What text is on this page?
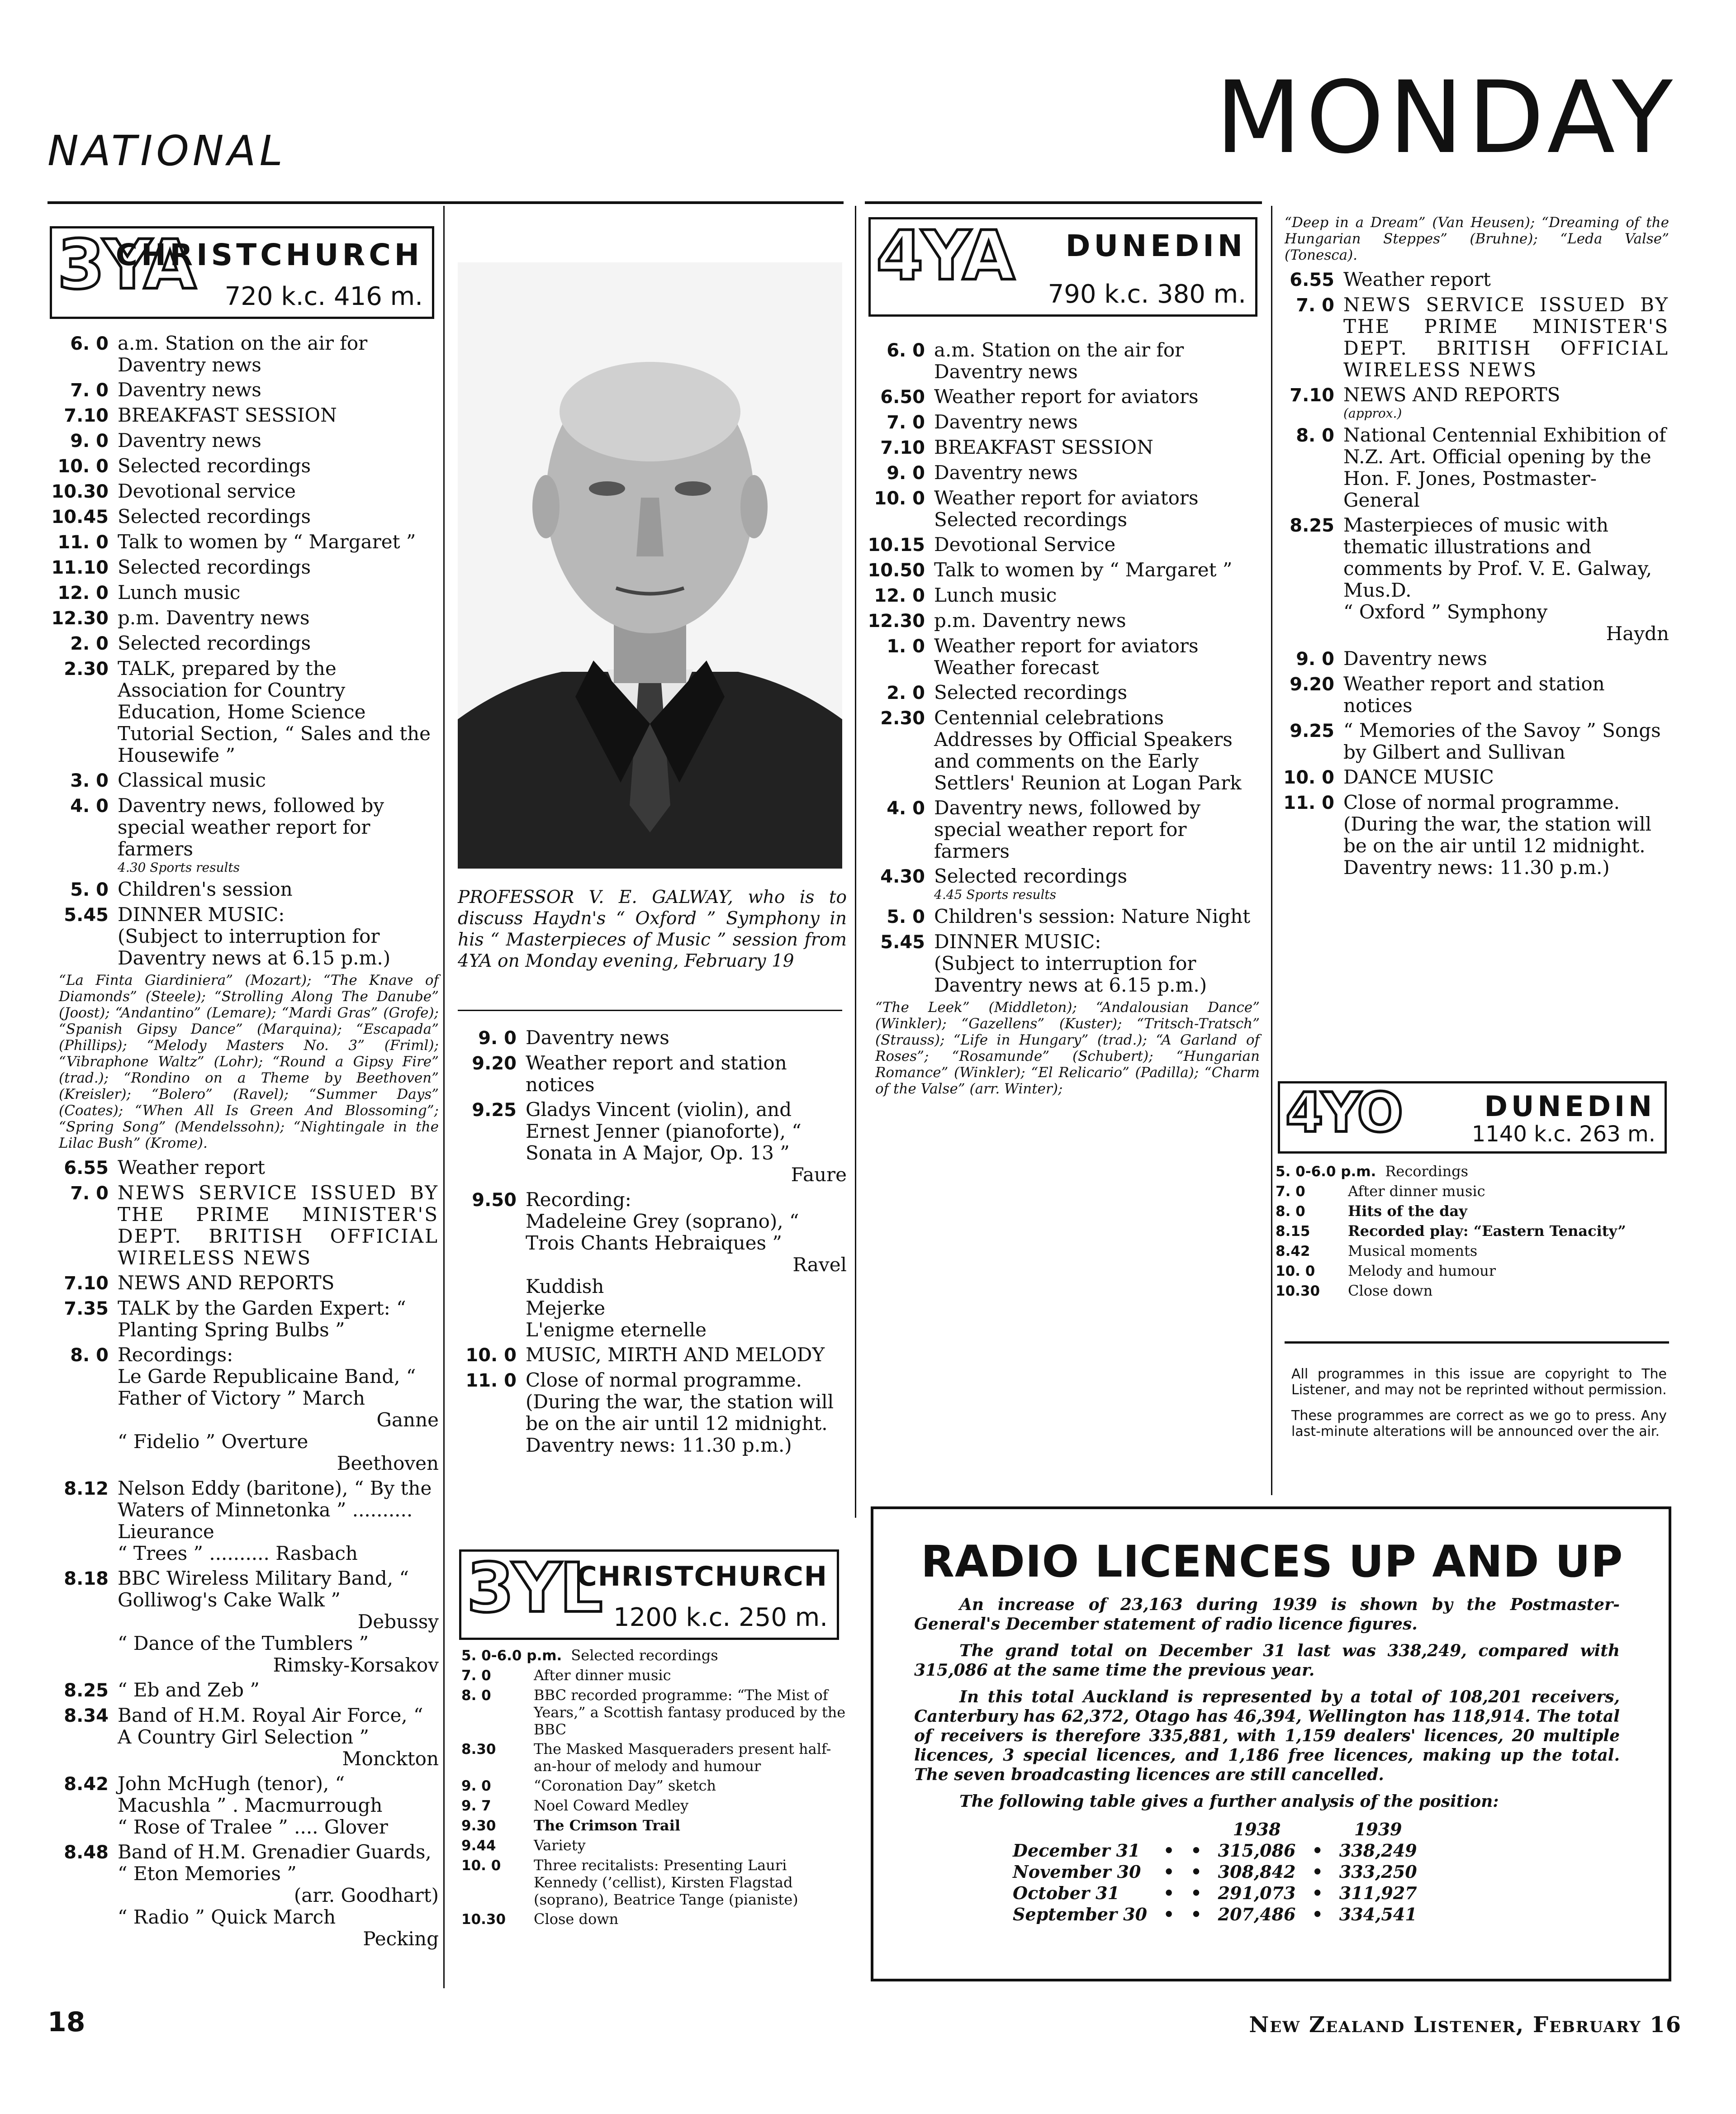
NATIONAL	MONDAY
3YA
CHRISTCHURCH
720 k.c. 416 m.
6. 0 a.m. Station on the air for Daventry news

7. 0 Daventry news

7.10 BREAKFAST SESSION

9. 0 Daventry news

10. 0 Selected recordings

10.30 Devotional service

10.45 Selected recordings

11. 0 Talk to women by “ Margaret ”

11.10 Selected recordings

12. 0 Lunch music

12.30 p.m. Daventry news

2. 0 Selected recordings

2.30 TALK, prepared by the Association for Country Education, Home Science Tutorial Section, “ Sales and the Housewife ”

3. 0 Classical music

4. 0 Daventry news, followed by special weather report for farmers

4.30 Sports results

5. 0 Children's session

5.45 DINNER MUSIC:

(Subject to interruption for Daventry news at 6.15 p.m.)

“La Finta Giardiniera” (Mozart); “The Knave of Diamonds” (Steele); “Strolling Along The Danube” (Joost); “Andantino” (Lemare); “Mardi Gras” (Grofe); “Spanish Gipsy Dance” (Marquina); “Escapada” (Phillips); “Melody Masters No. 3” (Friml); “Vibraphone Waltz” (Lohr); “Round a Gipsy Fire” (trad.); “Rondino on a Theme by Beethoven” (Kreisler); “Bolero” (Ravel); “Summer Days” (Coates); “When All Is Green And Blossoming”; “Spring Song” (Mendelssohn); “Nightingale in the Lilac Bush” (Krome).
6.55 Weather report

7. 0 NEWS SERVICE ISSUED BY THE PRIME MINISTER'S DEPT. BRITISH OFFICIAL WIRELESS NEWS
7.10 NEWS AND REPORTS

7.35 TALK by the Garden Expert: “ Planting Spring Bulbs ”

8. 0 Recordings:

Le Garde Republicaine Band, “ Father of Victory ” March

Ganne

“ Fidelio ” Overture

Beethoven

8.12 Nelson Eddy (baritone), “ By the Waters of Minnetonka ” .......... Lieurance

“ Trees ” .......... Rasbach

8.18 BBC Wireless Military Band, “ Golliwog's Cake Walk ”

Debussy

“ Dance of the Tumblers ”

Rimsky-Korsakov

8.25 “ Eb and Zeb ”

8.34 Band of H.M. Royal Air Force, “ A Country Girl Selection ”

Monckton

8.42 John McHugh (tenor), “ Macushla ” . Macmurrough

“ Rose of Tralee ” .... Glover

8.48 Band of H.M. Grenadier Guards, “ Eton Memories ”

(arr. Goodhart)

“ Radio ” Quick March

Pecking

PROFESSOR V. E. GALWAY, who is to discuss Haydn's “ Oxford ” Symphony in his “ Masterpieces of Music ” session from 4YA on Monday evening, February 19
9. 0 Daventry news

9.20 Weather report and station notices

9.25 Gladys Vincent (violin), and Ernest Jenner (pianoforte), “ Sonata in A Major, Op. 13 ”

Faure

9.50 Recording:

Madeleine Grey (soprano), “ Trois Chants Hebraiques ”

Ravel

Kuddish

Mejerke

L'enigme eternelle

10. 0 MUSIC, MIRTH AND MELODY

11. 0 Close of normal programme. (During the war, the station will be on the air until 12 midnight. Daventry news: 11.30 p.m.)

3YL
CHRISTCHURCH
1200 k.c. 250 m.
5. 0-6.0 p.m. Selected recordings
7. 0	After dinner music
8. 0	BBC recorded programme: “The Mist of Years,” a Scottish fantasy produced by the BBC
8.30	The Masked Masqueraders present half-an-hour of melody and humour
9. 0	“Coronation Day” sketch
9. 7	Noel Coward Medley
9.30	The Crimson Trail
9.44	Variety
10. 0	Three recitalists: Presenting Lauri Kennedy (’cellist), Kirsten Flagstad (soprano), Beatrice Tange (pianiste)
10.30	Close down
4YA DUNEDIN
790 k.c. 380 m.
6. 0 a.m. Station on the air for Daventry news

6.50 Weather report for aviators

7. 0 Daventry news

7.10 BREAKFAST SESSION

9. 0 Daventry news

10. 0 Weather report for aviators

Selected recordings

10.15 Devotional Service

10.50 Talk to women by “ Margaret ”

12. 0 Lunch music

12.30 p.m. Daventry news

1. 0 Weather report for aviators

Weather forecast

2. 0 Selected recordings

2.30 Centennial celebrations

Addresses by Official Speakers and comments on the Early Settlers' Reunion at Logan Park

4. 0 Daventry news, followed by special weather report for farmers

4.30 Selected recordings

4.45 Sports results

5. 0 Children's session: Nature Night

5.45 DINNER MUSIC:

(Subject to interruption for Daventry news at 6.15 p.m.)

“The Leek” (Middleton); “Andalousian Dance” (Winkler); “Gazellens” (Kuster); “Tritsch-Tratsch” (Strauss); “Life in Hungary” (trad.); “A Garland of Roses”; “Rosamunde” (Schubert); “Hungarian Romance” (Winkler); “El Relicario” (Padilla); “Charm of the Valse” (arr. Winter);
“Deep in a Dream” (Van Heusen); “Dreaming of the Hungarian Steppes” (Bruhne); “Leda Valse” (Tonesca).
6.55 Weather report

7. 0 NEWS SERVICE ISSUED BY THE PRIME MINISTER'S DEPT. BRITISH OFFICIAL WIRELESS NEWS
7.10 NEWS AND REPORTS

(approx.)

8. 0 National Centennial Exhibition of N.Z. Art. Official opening by the Hon. F. Jones, Postmaster-General

8.25 Masterpieces of music with thematic illustrations and comments by Prof. V. E. Galway, Mus.D.

“ Oxford ” Symphony

Haydn

9. 0 Daventry news

9.20 Weather report and station notices

9.25 “ Memories of the Savoy ” Songs by Gilbert and Sullivan

10. 0 DANCE MUSIC

11. 0 Close of normal programme. (During the war, the station will be on the air until 12 midnight. Daventry news: 11.30 p.m.)

4YO	DUNEDIN
1140 k.c. 263 m.
5. 0-6.0 p.m. Recordings
7. 0	After dinner music
8. 0	Hits of the day
8.15	Recorded play: “Eastern Tenacity”
8.42	Musical moments
10. 0	Melody and humour
10.30	Close down

All programmes in this issue are copyright to The Listener, and may not be reprinted without permission.

These programmes are correct as we go to press. Any last-minute alterations will be announced over the air.

RADIO LICENCES UP AND UP

An increase of 23,163 during 1939 is shown by the Postmaster-General's December statement of radio licence figures.

The grand total on December 31 last was 338,249, compared with 315,086 at the same time the previous year.

In this total Auckland is represented by a total of 108,201 receivers, Canterbury has 62,372, Otago has 46,394, Wellington has 118,914. The total of receivers is therefore 335,881, with 1,159 dealers' licences, 20 multiple licences, 3 special licences, and 1,186 free licences, making up the total. The seven broadcasting licences are still cancelled.

The following table gives a further analysis of the position:

			1938		1939
December 31	•	•	315,086	•	338,249
November 30	•	•	308,842	•	333,250
October 31	•	•	291,073	•	311,927
September 30	•	•	207,486	•	334,541
18	New Zealand Listener, February 16
